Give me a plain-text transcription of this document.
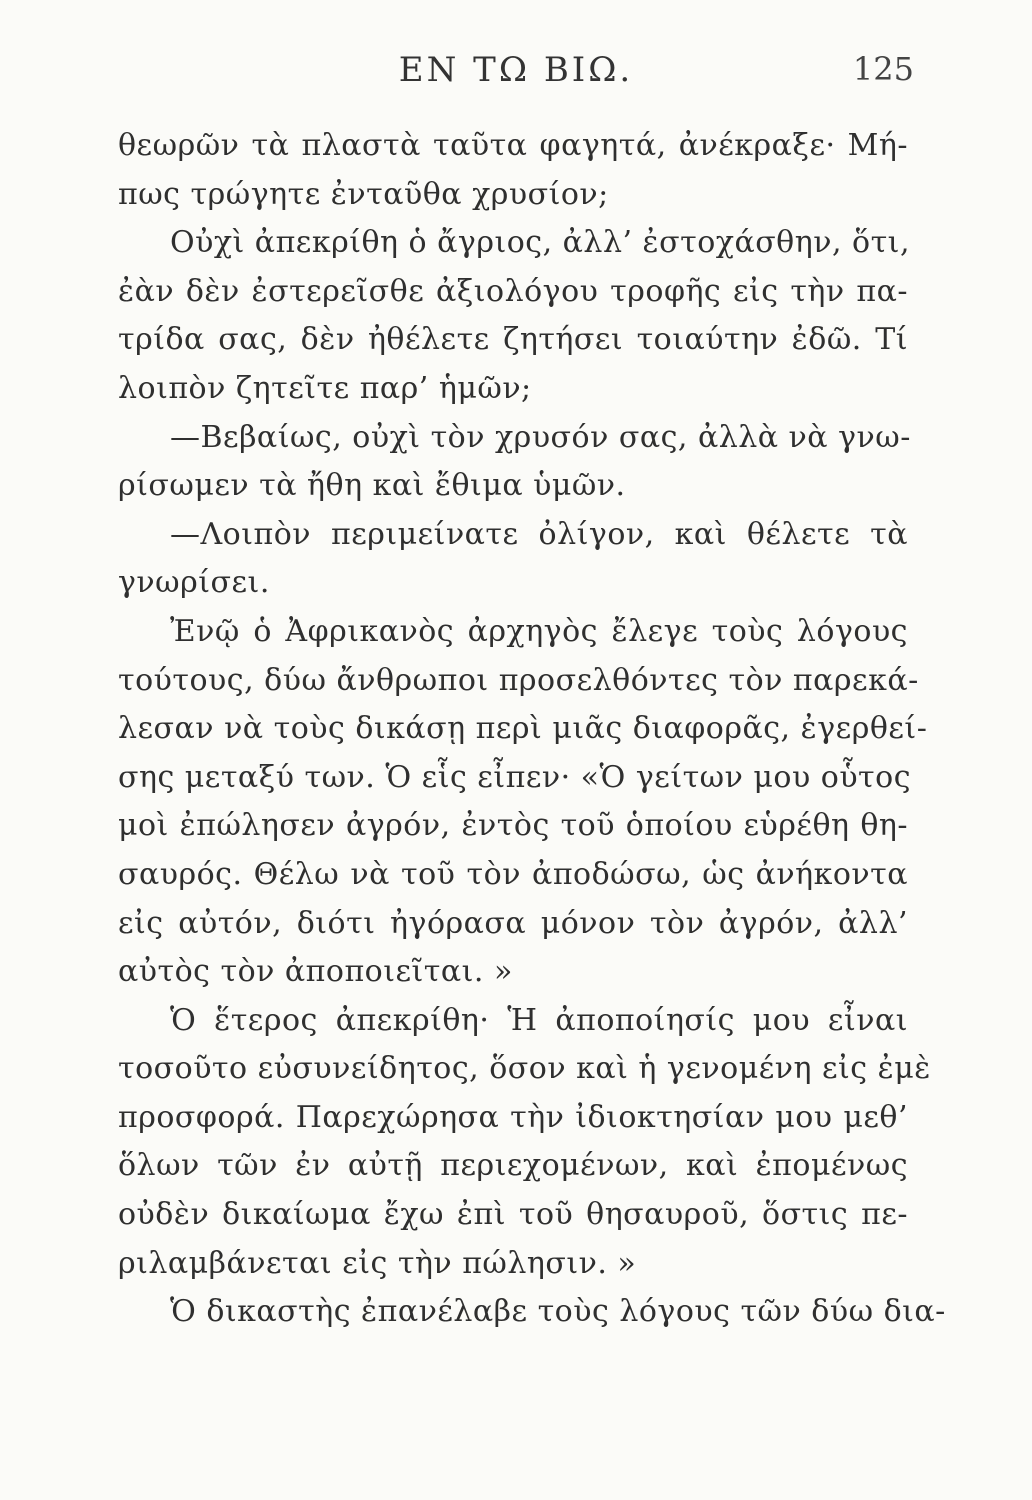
ΕΝ ΤΩ ΒΙΩ.	125
θεωρῶν τὰ πλαστὰ ταῦτα φαγητά, ἀνέκραξε· Μή-
πως τρώγητε ἐνταῦθα χρυσίον;
Οὐχὶ ἀπεκρίθη ὁ ἄγριος, ἀλλ’ ἐστοχάσθην, ὅτι,
ἐὰν δὲν ἐστερεῖσθε ἀξιολόγου τροφῆς εἰς τὴν πα-
τρίδα σας, δὲν ἠθέλετε ζητήσει τοιαύτην ἐδῶ. Τί
λοιπὸν ζητεῖτε παρ’ ἡμῶν;
—Βεβαίως, οὐχὶ τὸν χρυσόν σας, ἀλλὰ νὰ γνω-
ρίσωμεν τὰ ἤθη καὶ ἔθιμα ὑμῶν.
—Λοιπὸν περιμείνατε ὀλίγον, καὶ θέλετε τὰ
γνωρίσει.
Ἐνῷ ὁ Ἀφρικανὸς ἀρχηγὸς ἔλεγε τοὺς λόγους
τούτους, δύω ἄνθρωποι προσελθόντες τὸν παρεκά-
λεσαν νὰ τοὺς δικάσῃ περὶ μιᾶς διαφορᾶς, ἐγερθεί-
σης μεταξύ των. Ὁ εἷς εἶπεν· «Ὁ γείτων μου οὗτος
μοὶ ἐπώλησεν ἀγρόν, ἐντὸς τοῦ ὁποίου εὑρέθη θη-
σαυρός. Θέλω νὰ τοῦ τὸν ἀποδώσω, ὡς ἀνήκοντα
εἰς αὐτόν, διότι ἠγόρασα μόνον τὸν ἀγρόν, ἀλλ’
αὐτὸς τὸν ἀποποιεῖται. »
Ὁ ἕτερος ἀπεκρίθη· Ἡ ἀποποίησίς μου εἶναι
τοσοῦτο εὐσυνείδητος, ὅσον καὶ ἡ γενομένη εἰς ἐμὲ
προσφορά. Παρεχώρησα τὴν ἰδιοκτησίαν μου μεθ’
ὅλων τῶν ἐν αὐτῇ περιεχομένων, καὶ ἐπομένως
οὐδὲν δικαίωμα ἔχω ἐπὶ τοῦ θησαυροῦ, ὅστις πε-
ριλαμβάνεται εἰς τὴν πώλησιν. »
Ὁ δικαστὴς ἐπανέλαβε τοὺς λόγους τῶν δύω δια-
